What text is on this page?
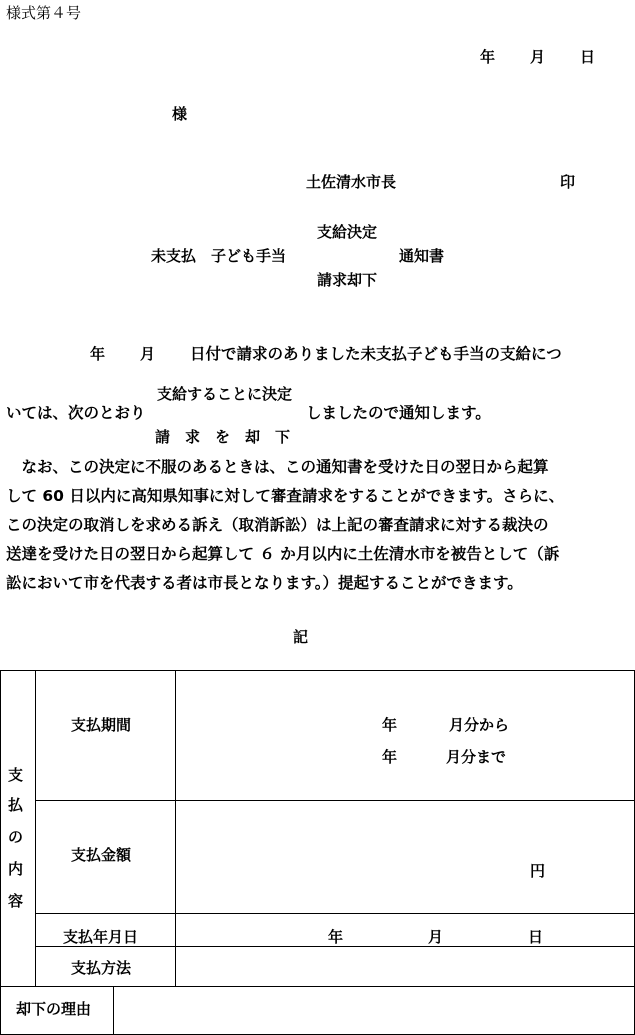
様式第４号
年 月 日
様
土佐清水市長	印
支給決定
未支払　子ども手当	通知書
請求却下
年 月 日付で請求のありました未支払子ども手当の支給につ
支給することに決定
いては、次のとおり	しましたので通知します。
請　求　を　却　下
　なお、この決定に不服のあるときは、この通知書を受けた日の翌日から起算
して 60 日以内に高知県知事に対して審査請求をすることができます。さらに、
この決定の取消しを求める訴え（取消訴訟）は上記の審査請求に対する裁決の
送達を受けた日の翌日から起算して ６ か月以内に土佐清水市を被告として（訴
訟において市を代表する者は市長となります。）提起することができます。
記
支
払
の
内
容
支払期間	年	月分から
年	月分まで
支払金額
円
支払年月日	年	月	日
支払方法
却下の理由
